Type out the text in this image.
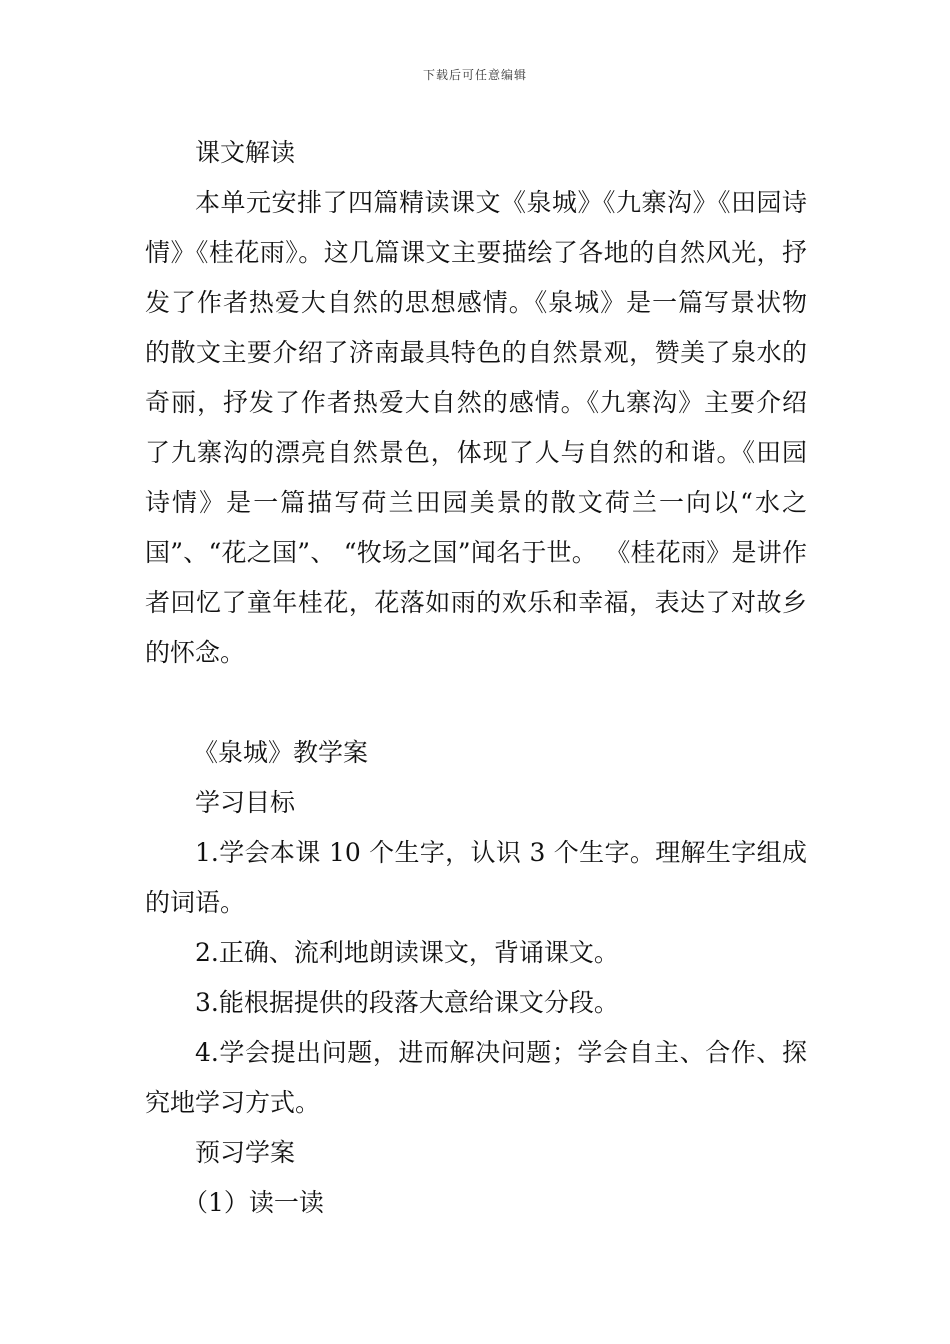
下载后可任意编辑

课文解读

本单元安排了四篇精读课文《泉城》《九寨沟》《田园诗情》《桂花雨》。这几篇课文主要描绘了各地的自然风光，抒发了作者热爱大自然的思想感情。《泉城》是一篇写景状物的散文主要介绍了济南最具特色的自然景观，赞美了泉水的奇丽，抒发了作者热爱大自然的感情。《九寨沟》主要介绍了九寨沟的漂亮自然景色，体现了人与自然的和谐。《田园诗情》是一篇描写荷兰田园美景的散文荷兰一向以“水之国”、“花之国”、 “牧场之国”闻名于世。 《桂花雨》是讲作者回忆了童年桂花，花落如雨的欢乐和幸福，表达了对故乡的怀念。

《泉城》教学案

学习目标

1.学会本课 10 个生字，认识 3 个生字。理解生字组成的词语。

2.正确、流利地朗读课文，背诵课文。

3.能根据提供的段落大意给课文分段。

4.学会提出问题，进而解决问题；学会自主、合作、探究地学习方式。

预习学案

（1）读一读
